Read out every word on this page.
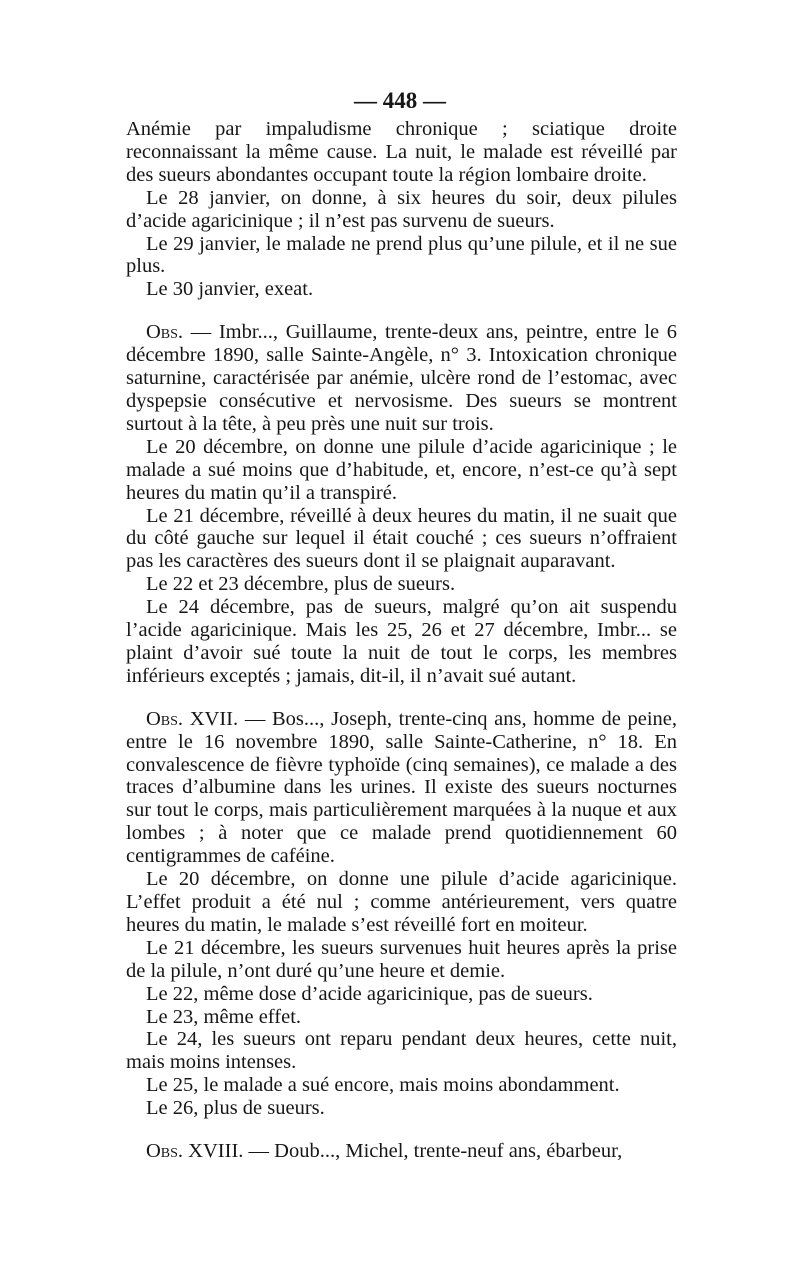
— 448 —

Anémie par impaludisme chronique ; sciatique droite reconnaissant la même cause. La nuit, le malade est réveillé par des sueurs abondantes occupant toute la région lombaire droite.

Le 28 janvier, on donne, à six heures du soir, deux pilules d’acide agaricinique ; il n’est pas survenu de sueurs.

Le 29 janvier, le malade ne prend plus qu’une pilule, et il ne sue plus.

Le 30 janvier, exeat.

Obs. — Imbr..., Guillaume, trente-deux ans, peintre, entre le 6 décembre 1890, salle Sainte-Angèle, n° 3. Intoxication chronique saturnine, caractérisée par anémie, ulcère rond de l’estomac, avec dyspepsie consécutive et nervosisme. Des sueurs se montrent surtout à la tête, à peu près une nuit sur trois.

Le 20 décembre, on donne une pilule d’acide agaricinique ; le malade a sué moins que d’habitude, et, encore, n’est-ce qu’à sept heures du matin qu’il a transpiré.

Le 21 décembre, réveillé à deux heures du matin, il ne suait que du côté gauche sur lequel il était couché ; ces sueurs n’offraient pas les caractères des sueurs dont il se plaignait auparavant.

Le 22 et 23 décembre, plus de sueurs.

Le 24 décembre, pas de sueurs, malgré qu’on ait suspendu l’acide agaricinique. Mais les 25, 26 et 27 décembre, Imbr... se plaint d’avoir sué toute la nuit de tout le corps, les membres inférieurs exceptés ; jamais, dit-il, il n’avait sué autant.

Obs. XVII. — Bos..., Joseph, trente-cinq ans, homme de peine, entre le 16 novembre 1890, salle Sainte-Catherine, n° 18. En convalescence de fièvre typhoïde (cinq semaines), ce malade a des traces d’albumine dans les urines. Il existe des sueurs nocturnes sur tout le corps, mais particulièrement marquées à la nuque et aux lombes ; à noter que ce malade prend quotidiennement 60 centigrammes de caféine.

Le 20 décembre, on donne une pilule d’acide agaricinique. L’effet produit a été nul ; comme antérieurement, vers quatre heures du matin, le malade s’est réveillé fort en moiteur.

Le 21 décembre, les sueurs survenues huit heures après la prise de la pilule, n’ont duré qu’une heure et demie.

Le 22, même dose d’acide agaricinique, pas de sueurs.

Le 23, même effet.

Le 24, les sueurs ont reparu pendant deux heures, cette nuit, mais moins intenses.

Le 25, le malade a sué encore, mais moins abondamment.

Le 26, plus de sueurs.

Obs. XVIII. — Doub..., Michel, trente-neuf ans, ébarbeur,
